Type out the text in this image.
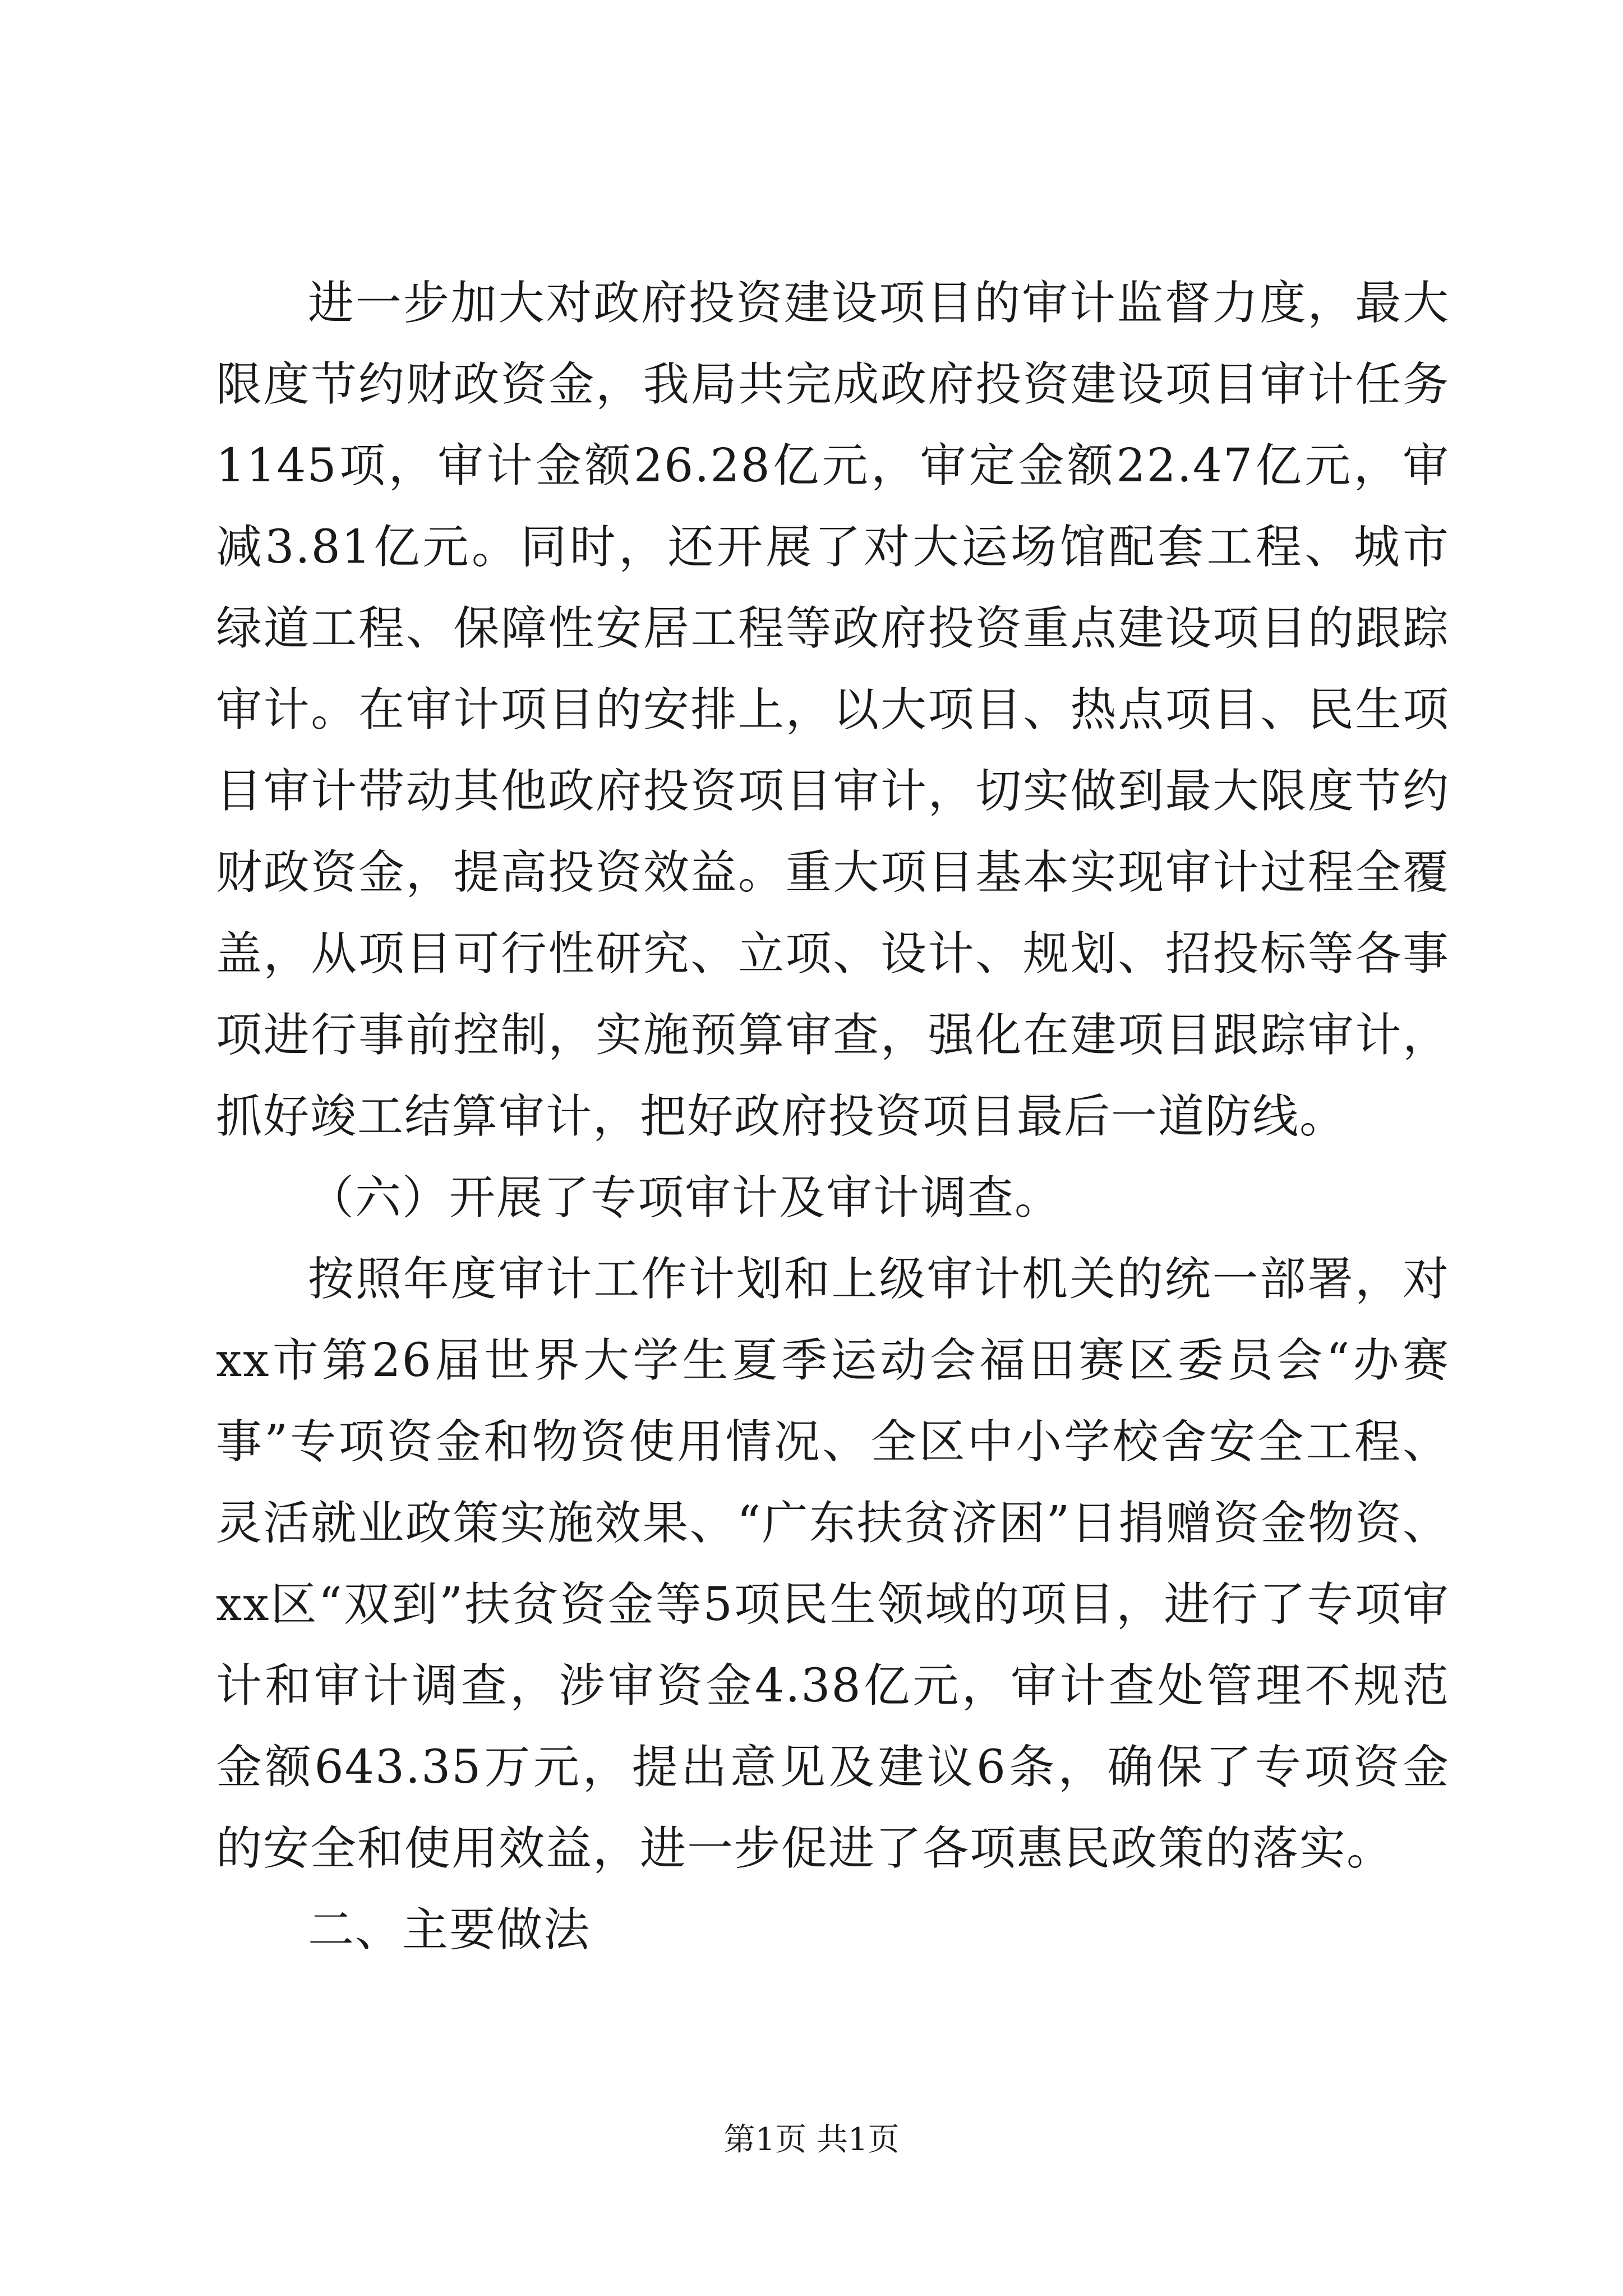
进一步加大对政府投资建设项目的审计监督力度，最大限度节约财政资金，我局共完成政府投资建设项目审计任务1145项，审计金额26.28亿元，审定金额22.47亿元，审减3.81亿元。同时，还开展了对大运场馆配套工程、城市绿道工程、保障性安居工程等政府投资重点建设项目的跟踪审计。在审计项目的安排上，以大项目、热点项目、民生项目审计带动其他政府投资项目审计，切实做到最大限度节约财政资金，提高投资效益。重大项目基本实现审计过程全覆盖，从项目可行性研究、立项、设计、规划、招投标等各事项进行事前控制，实施预算审查，强化在建项目跟踪审计，抓好竣工结算审计，把好政府投资项目最后一道防线。

（六）开展了专项审计及审计调查。

按照年度审计工作计划和上级审计机关的统一部署，对xx市第26届世界大学生夏季运动会福田赛区委员会“办赛事”专项资金和物资使用情况、全区中小学校舍安全工程、灵活就业政策实施效果、“广东扶贫济困”日捐赠资金物资、xx区“双到”扶贫资金等5项民生领域的项目，进行了专项审计和审计调查，涉审资金4.38亿元，审计查处管理不规范金额643.35万元，提出意见及建议6条，确保了专项资金的安全和使用效益，进一步促进了各项惠民政策的落实。

二、主要做法

第1页 共1页
